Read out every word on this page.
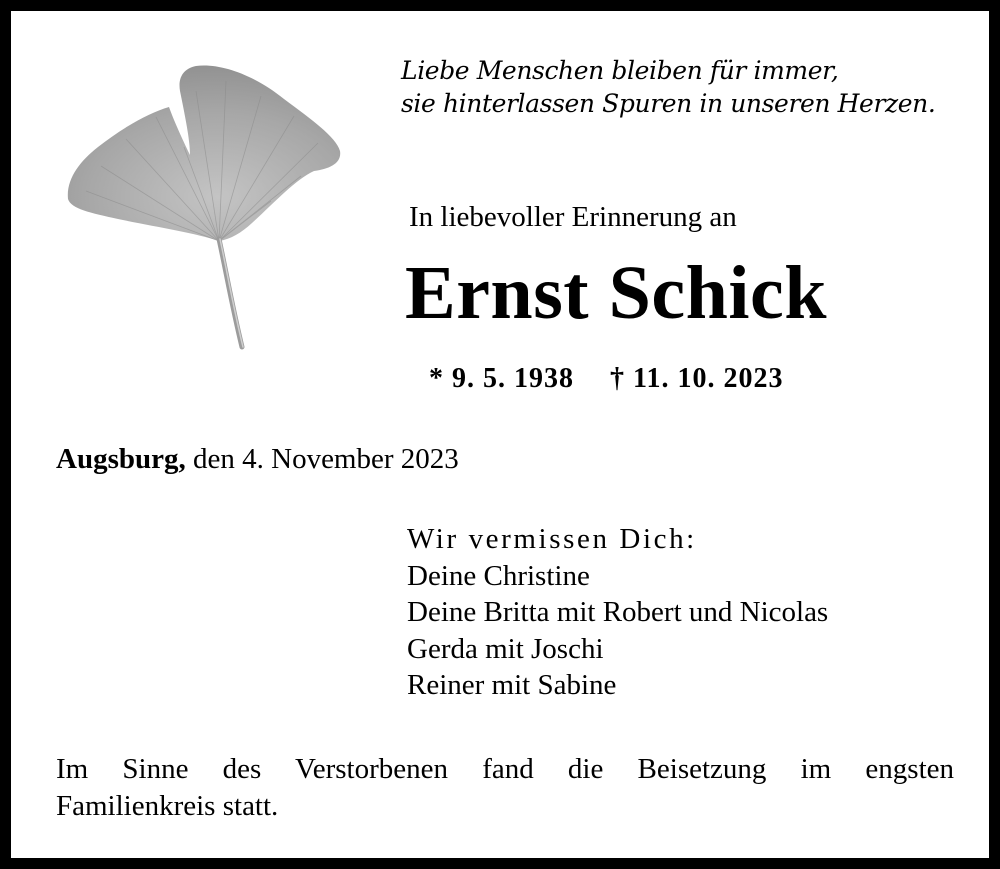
Liebe Menschen bleiben für immer,
sie hinterlassen Spuren in unseren Herzen.
In liebevoller Erinnerung an
Ernst Schick
* 9. 5. 1938 † 11. 10. 2023
Augsburg, den 4. November 2023
Wir vermissen Dich:
Deine Christine
Deine Britta mit Robert und Nicolas
Gerda mit Joschi
Reiner mit Sabine
Im Sinne des Verstorbenen fand die Beisetzung im engsten
Familienkreis statt.
